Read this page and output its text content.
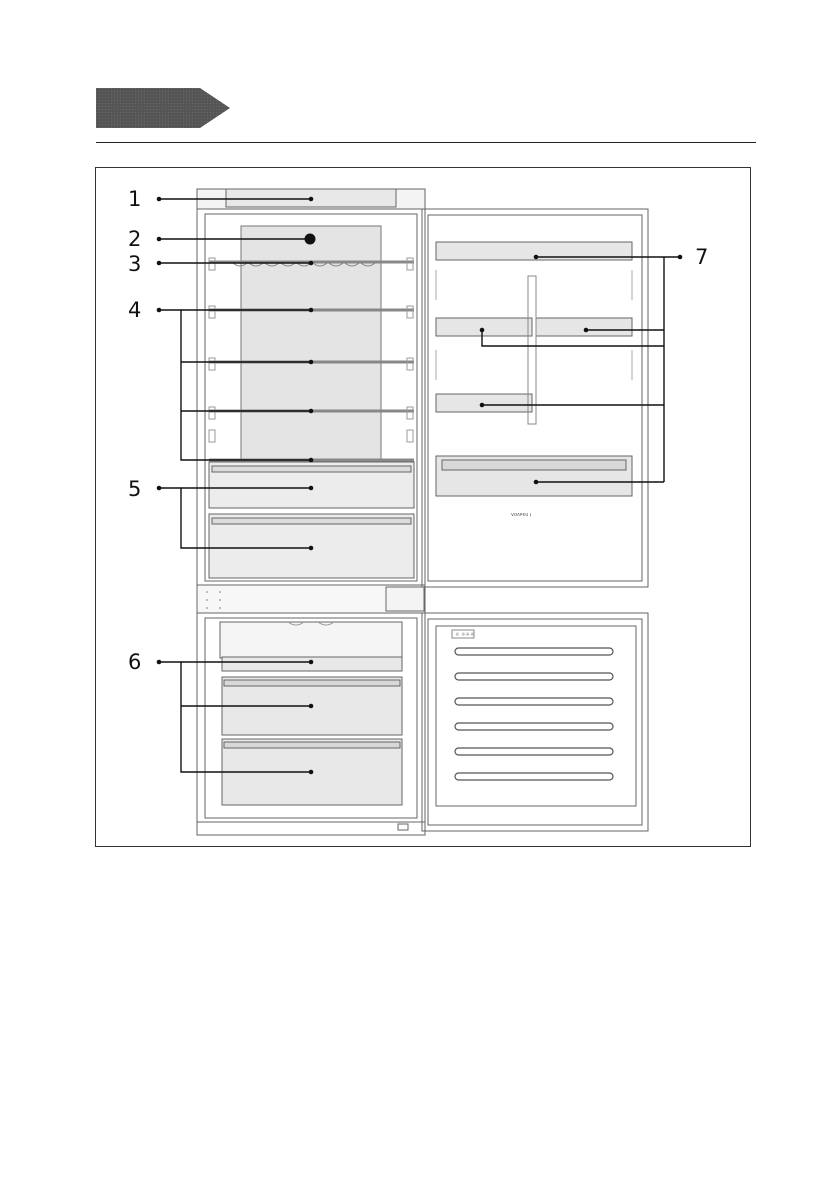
ᴠᴏᴧᴩɛᴜ ᴉ
☼ ☼☼☼
1
2
3
4
5
6
7
